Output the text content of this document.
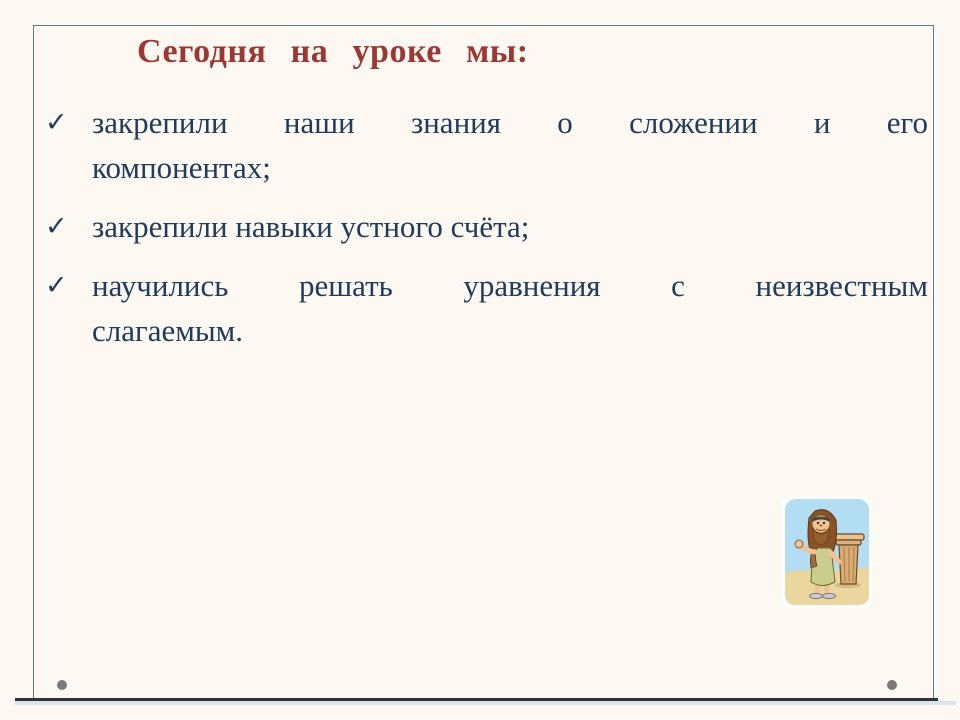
Сегодня на уроке мы:
✓ закрепили наши знания о сложении и его
компонентах;
✓ закрепили навыки устного счёта;
✓ научились решать уравнения с неизвестным
слагаемым.
